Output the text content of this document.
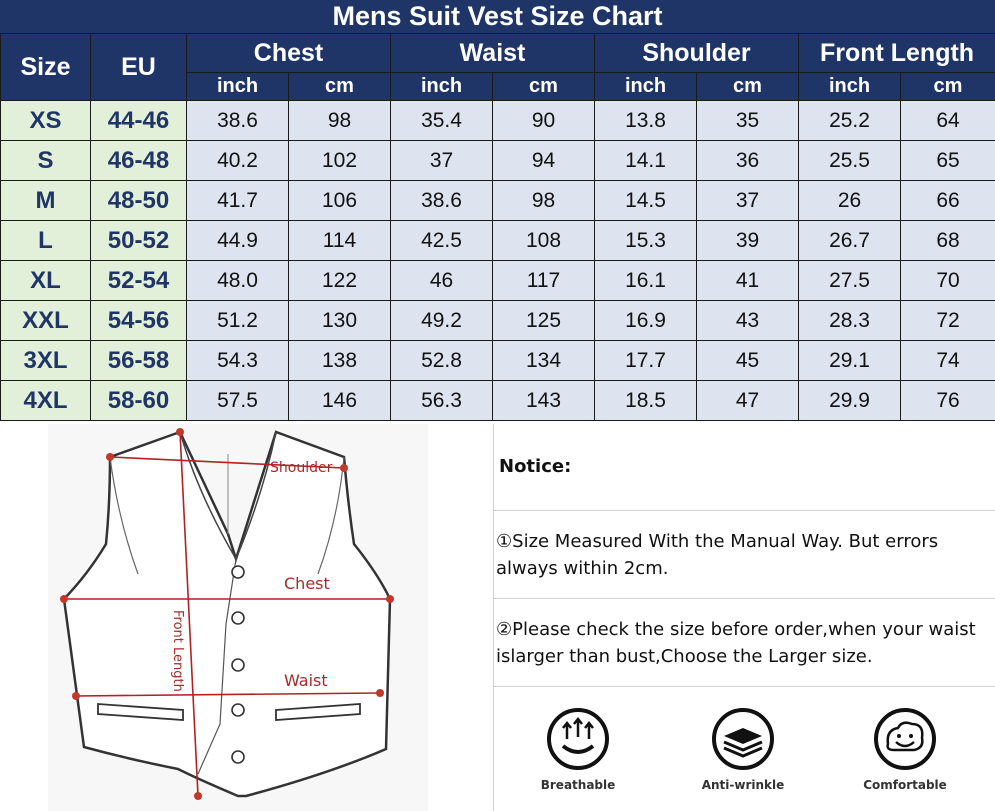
Mens Suit Vest Size Chart
Size	EU	Chest		Waist		Shoulder		Front Length	
		inch	cm	inch	cm	inch	cm	inch	cm
XS	44-46	38.6	98	35.4	90	13.8	35	25.2	64
S	46-48	40.2	102	37	94	14.1	36	25.5	65
M	48-50	41.7	106	38.6	98	14.5	37	26	66
L	50-52	44.9	114	42.5	108	15.3	39	26.7	68
XL	52-54	48.0	122	46	117	16.1	41	27.5	70
XXL	54-56	51.2	130	49.2	125	16.9	43	28.3	72
3XL	56-58	54.3	138	52.8	134	17.7	45	29.1	74
4XL	58-60	57.5	146	56.3	143	18.5	47	29.9	76
Shoulder
Chest
Waist
Front Length
Notice:
①Size Measured With the Manual Way. But errors always within 2cm.
②Please check the size before order,when your waist islarger than bust,Choose the Larger size.
Breathable	Anti-wrinkle	Comfortable
